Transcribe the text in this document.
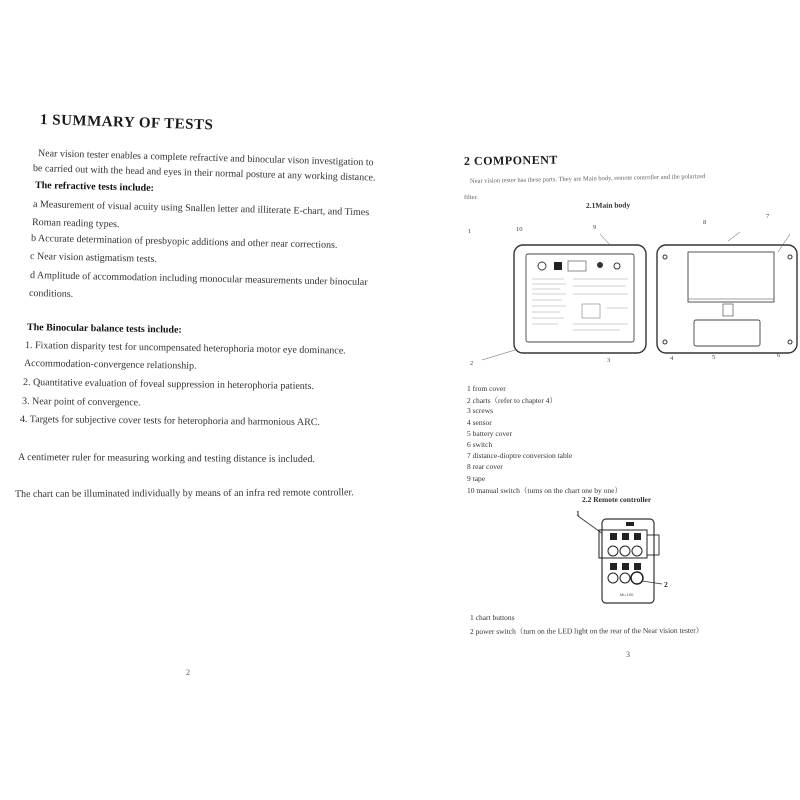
1 SUMMARY OF TESTS
Near vision tester enables a complete refractive and binocular vison investigation to
be carried out with the head and eyes in their normal posture at any working distance.
The refractive tests include:
a Measurement of visual acuity using Snallen letter and illiterate E-chart, and Times
Roman reading types.
b Accurate determination of presbyopic additions and other near corrections.
c Near vision astigmatism tests.
d Amplitude of accommodation including monocular measurements under binocular
conditions.
The Binocular balance tests include:
1. Fixation disparity test for uncompensated heterophoria motor eye dominance.
Accommodation-convergence relationship.
2. Quantitative evaluation of foveal suppression in heterophoria patients.
3. Near point of convergence.
4. Targets for subjective cover tests for heterophoria and harmonious ARC.
A centimeter ruler for measuring working and testing distance is included.
The chart can be illuminated individually by means of an infra red remote controller.
2
2 COMPONENT
Near vision tester has these parts. They are Main body, remote controller and the polarized
filter.
2.1Main body
1	10	9
8
7
2	3	4	5	6
1 from cover
2 charts（refer to chapter 4）
3 screws
4 sensor
5 battery cover
6 switch
7 distance-dioptre conversion table
8 rear cover
9 tape
10 manual switch（turns on the chart one by one）
2.2 Remote controller
Mu 100
1
2
1 chart buttons
2 power switch（turn on the LED light on the rear of the Near vision tester）
3
